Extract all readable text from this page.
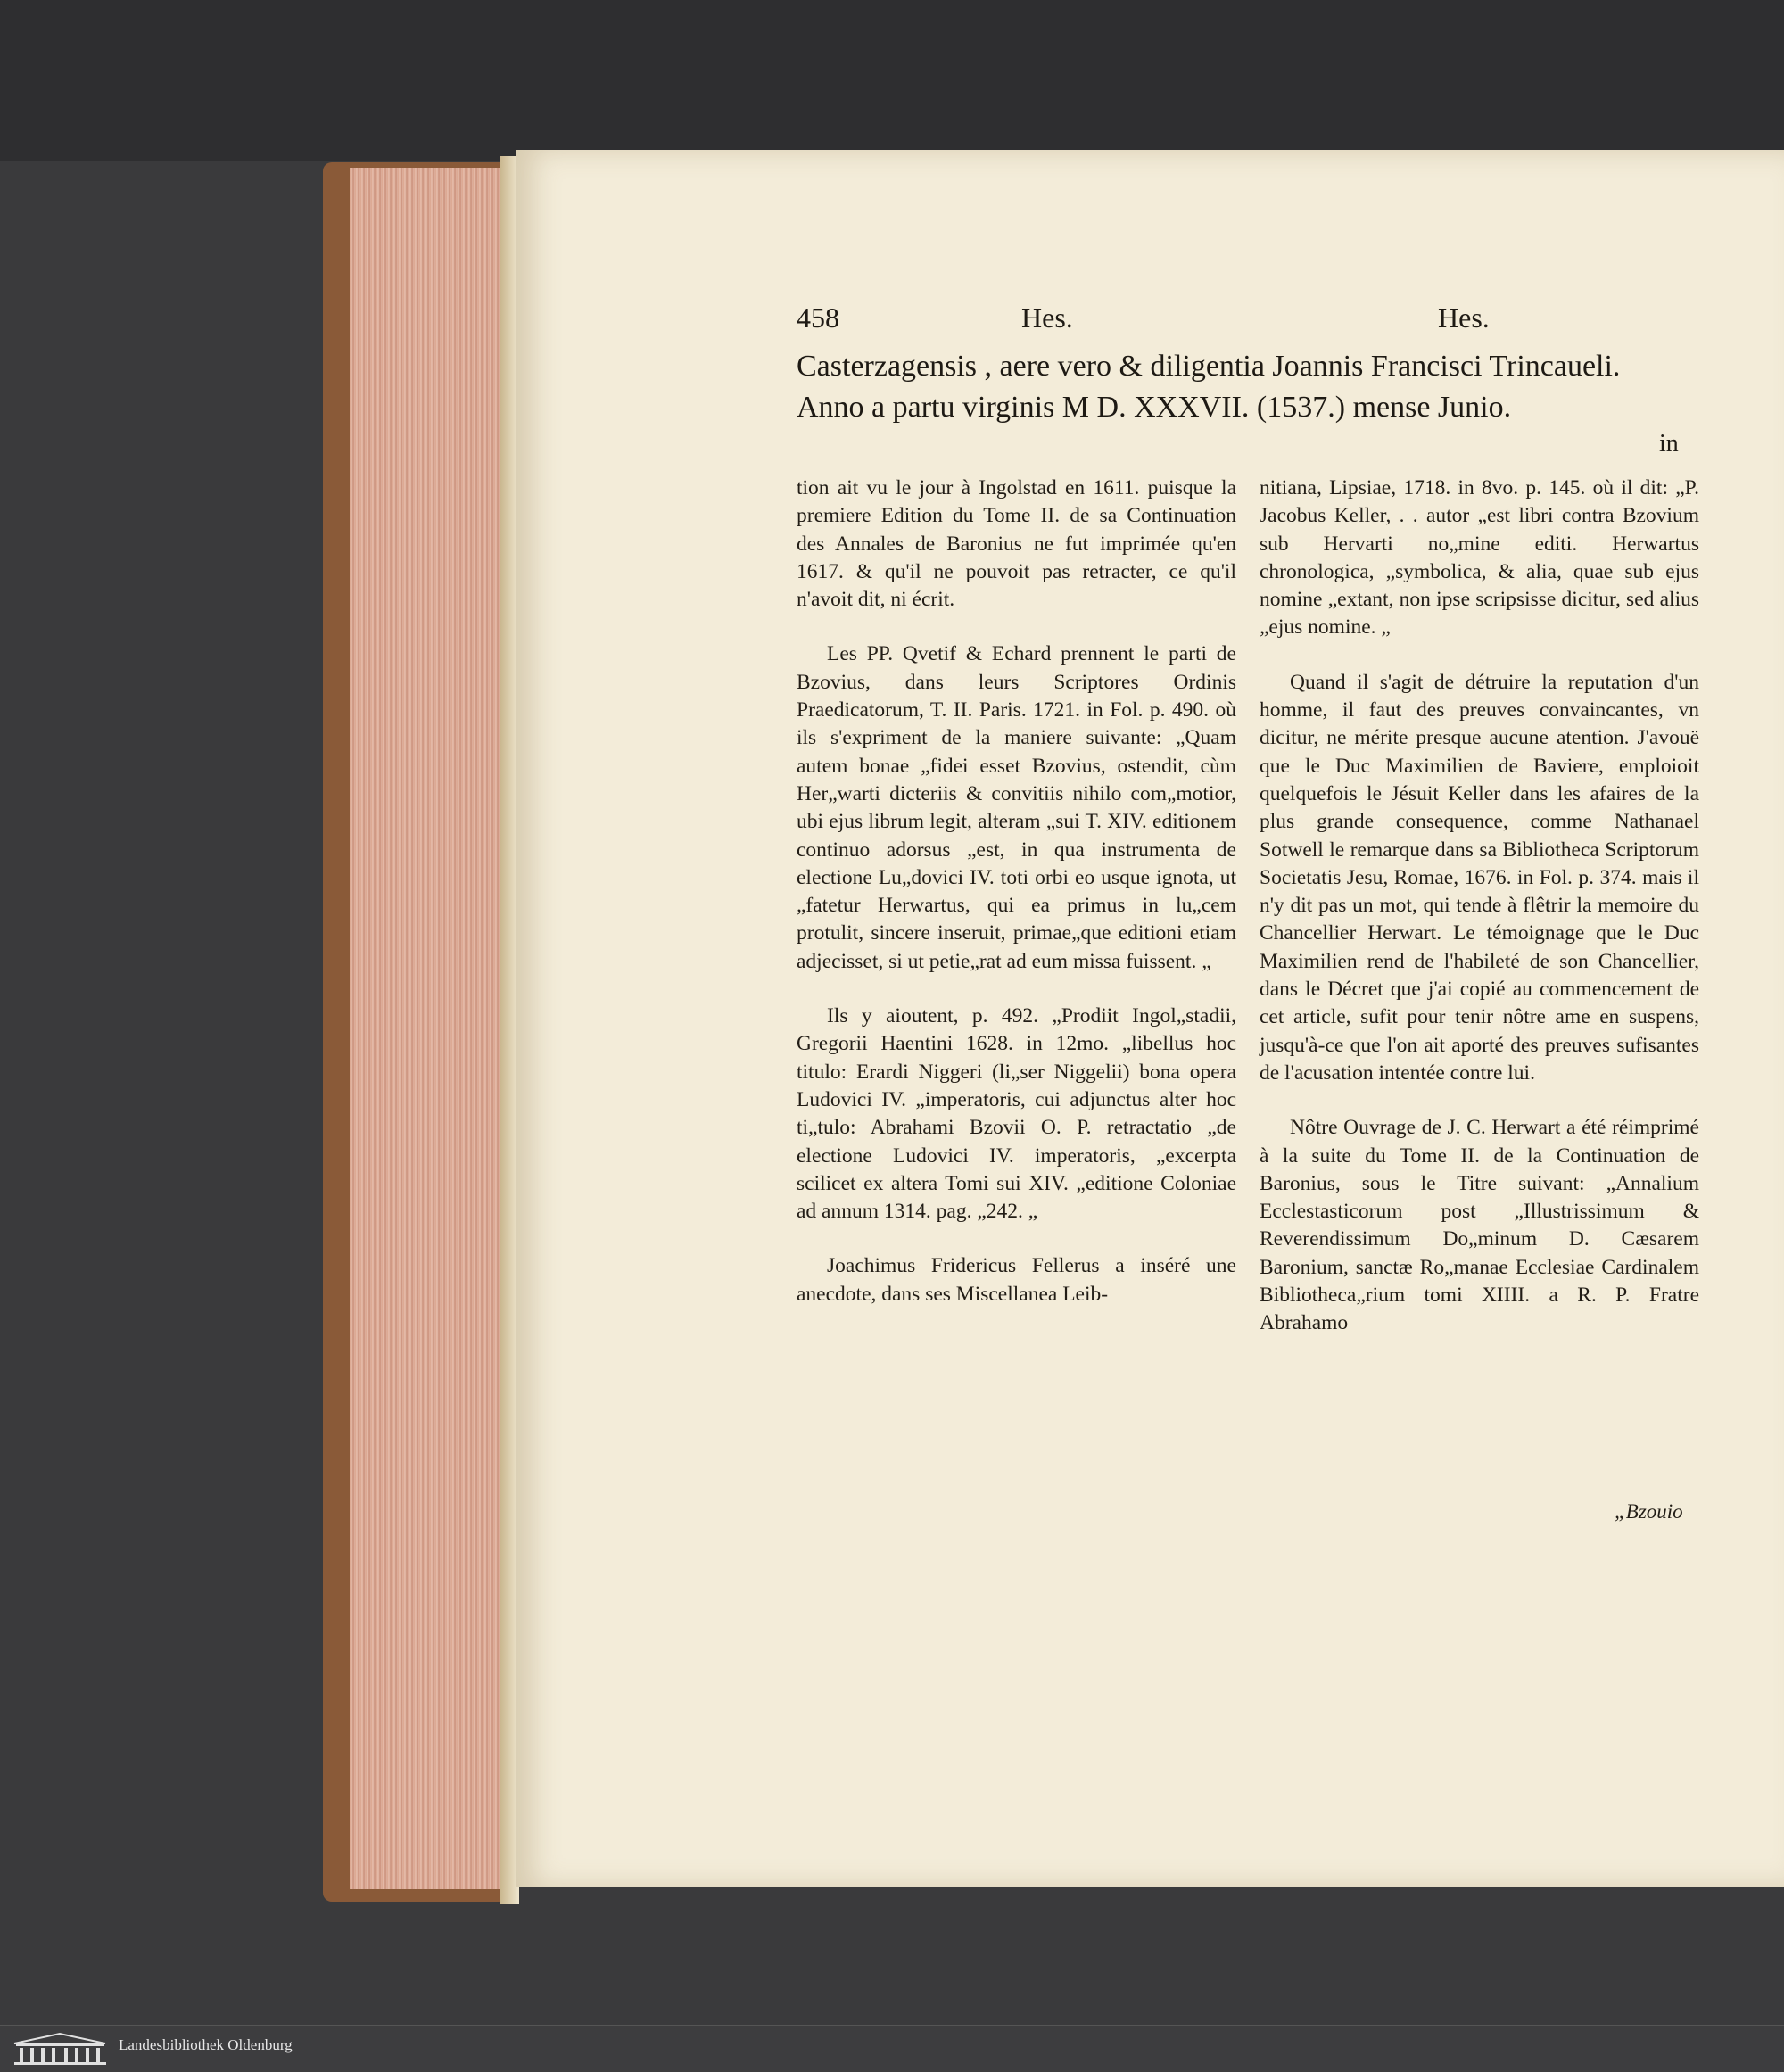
458	Hes.	Hes.
Casterzagensis , aere vero & diligentia Joannis Francisci Trincaueli.
Anno a partu virginis M D. XXXVII. (1537.) mense Junio.
in

tion ait vu le jour à Ingolstad en 1611. puisque la premiere Edition du Tome II. de sa Continuation des Annales de Baronius ne fut imprimée qu'en 1617. & qu'il ne pouvoit pas retracter, ce qu'il n'avoit dit, ni écrit.

Les PP. Qvetif & Echard prennent le parti de Bzovius, dans leurs Scriptores Ordinis Praedicatorum, T. II. Paris. 1721. in Fol. p. 490. où ils s'expriment de la maniere suivante: „Quam autem bonae „fidei esset Bzovius, ostendit, cùm Her„warti dicteriis & convitiis nihilo com„motior, ubi ejus librum legit, alteram „sui T. XIV. editionem continuo adorsus „est, in qua instrumenta de electione Lu„dovici IV. toti orbi eo usque ignota, ut „fatetur Herwartus, qui ea primus in lu„cem protulit, sincere inseruit, primae„que editioni etiam adjecisset, si ut petie„rat ad eum missa fuissent. „

Ils y aioutent, p. 492. „Prodiit Ingol„stadii, Gregorii Haentini 1628. in 12mo. „libellus hoc titulo: Erardi Niggeri (li„ser Niggelii) bona opera Ludovici IV. „imperatoris, cui adjunctus alter hoc ti„tulo: Abrahami Bzovii O. P. retractatio „de electione Ludovici IV. imperatoris, „excerpta scilicet ex altera Tomi sui XIV. „editione Coloniae ad annum 1314. pag. „242. „

Joachimus Fridericus Fellerus a inséré une anecdote, dans ses Miscellanea Leib-

nitiana, Lipsiae, 1718. in 8vo. p. 145. où il dit: „P. Jacobus Keller, . . autor „est libri contra Bzovium sub Hervarti no„mine editi. Herwartus chronologica, „symbolica, & alia, quae sub ejus nomine „extant, non ipse scripsisse dicitur, sed alius „ejus nomine. „

Quand il s'agit de détruire la reputation d'un homme, il faut des preuves convaincantes, vn dicitur, ne mérite presque aucune atention. J'avouë que le Duc Maximilien de Baviere, emploioit quelquefois le Jésuit Keller dans les afaires de la plus grande consequence, comme Nathanael Sotwell le remarque dans sa Bibliotheca Scriptorum Societatis Jesu, Romae, 1676. in Fol. p. 374. mais il n'y dit pas un mot, qui tende à flêtrir la memoire du Chancellier Herwart. Le témoignage que le Duc Maximilien rend de l'habileté de son Chancellier, dans le Décret que j'ai copié au commencement de cet article, sufit pour tenir nôtre ame en suspens, jusqu'à-ce que l'on ait aporté des preuves sufisantes de l'acusation intentée contre lui.

Nôtre Ouvrage de J. C. Herwart a été réimprimé à la suite du Tome II. de la Continuation de Baronius, sous le Titre suivant: „Annalium Ecclestasticorum post „Illustrissimum & Reverendissimum Do„minum D. Cæsarem Baronium, sanctæ Ro„manae Ecclesiae Cardinalem Bibliotheca„rium tomi XIIII. a R. P. Fratre Abrahamo

„Bzouio
Landesbibliothek Oldenburg
